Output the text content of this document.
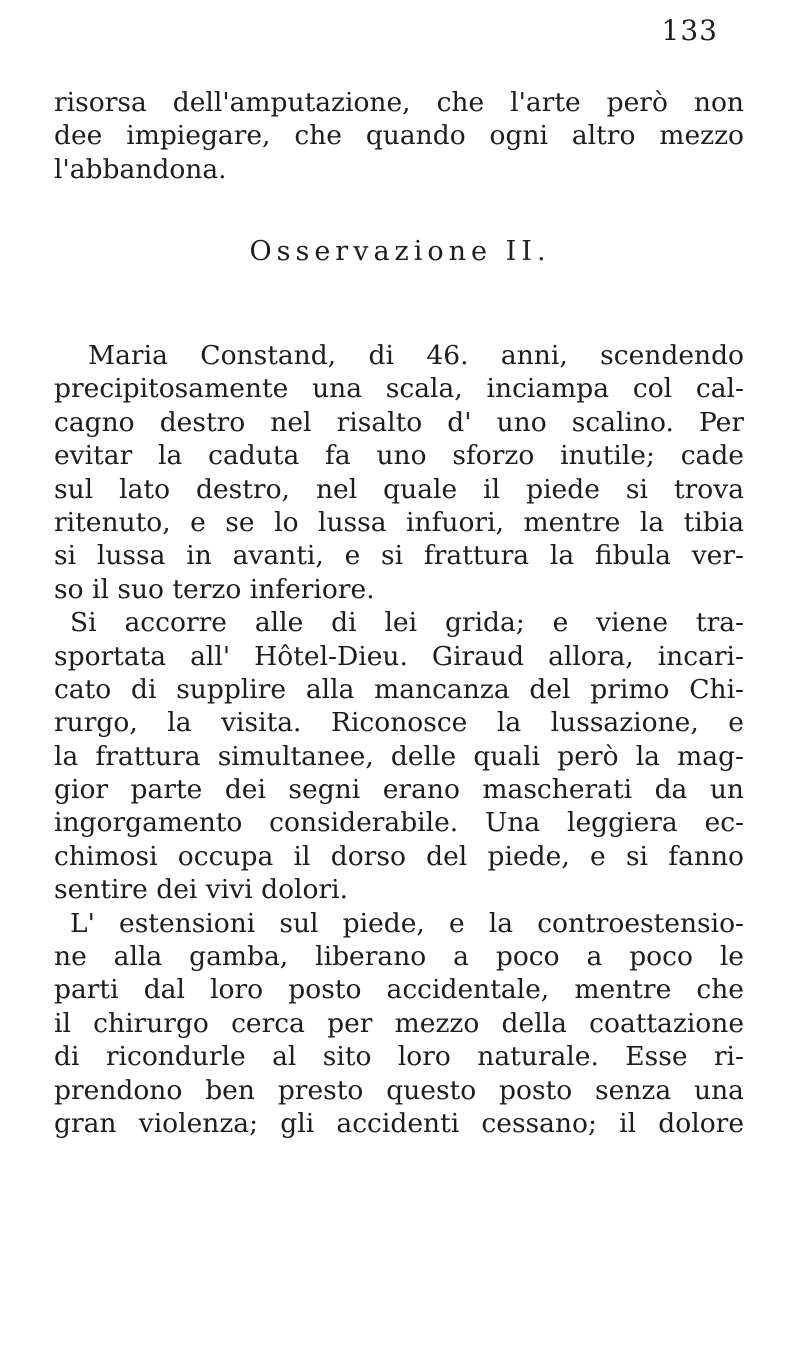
133
risorsa dell'amputazione, che l'arte però non
dee impiegare, che quando ogni altro mezzo
l'abbandona.
Osservazione II.
Maria Constand, di 46. anni, scendendo
precipitosamente una scala, inciampa col cal-
cagno destro nel risalto d' uno scalino. Per
evitar la caduta fa uno sforzo inutile; cade
sul lato destro, nel quale il piede si trova
ritenuto, e se lo lussa infuori, mentre la tibia
si lussa in avanti, e si frattura la fibula ver-
so il suo terzo inferiore.
Si accorre alle di lei grida; e viene tra-
sportata all' Hôtel-Dieu. Giraud allora, incari-
cato di supplire alla mancanza del primo Chi-
rurgo, la visita. Riconosce la lussazione, e
la frattura simultanee, delle quali però la mag-
gior parte dei segni erano mascherati da un
ingorgamento considerabile. Una leggiera ec-
chimosi occupa il dorso del piede, e si fanno
sentire dei vivi dolori.
L' estensioni sul piede, e la controestensio-
ne alla gamba, liberano a poco a poco le
parti dal loro posto accidentale, mentre che
il chirurgo cerca per mezzo della coattazione
di ricondurle al sito loro naturale. Esse ri-
prendono ben presto questo posto senza una
gran violenza; gli accidenti cessano; il dolore
